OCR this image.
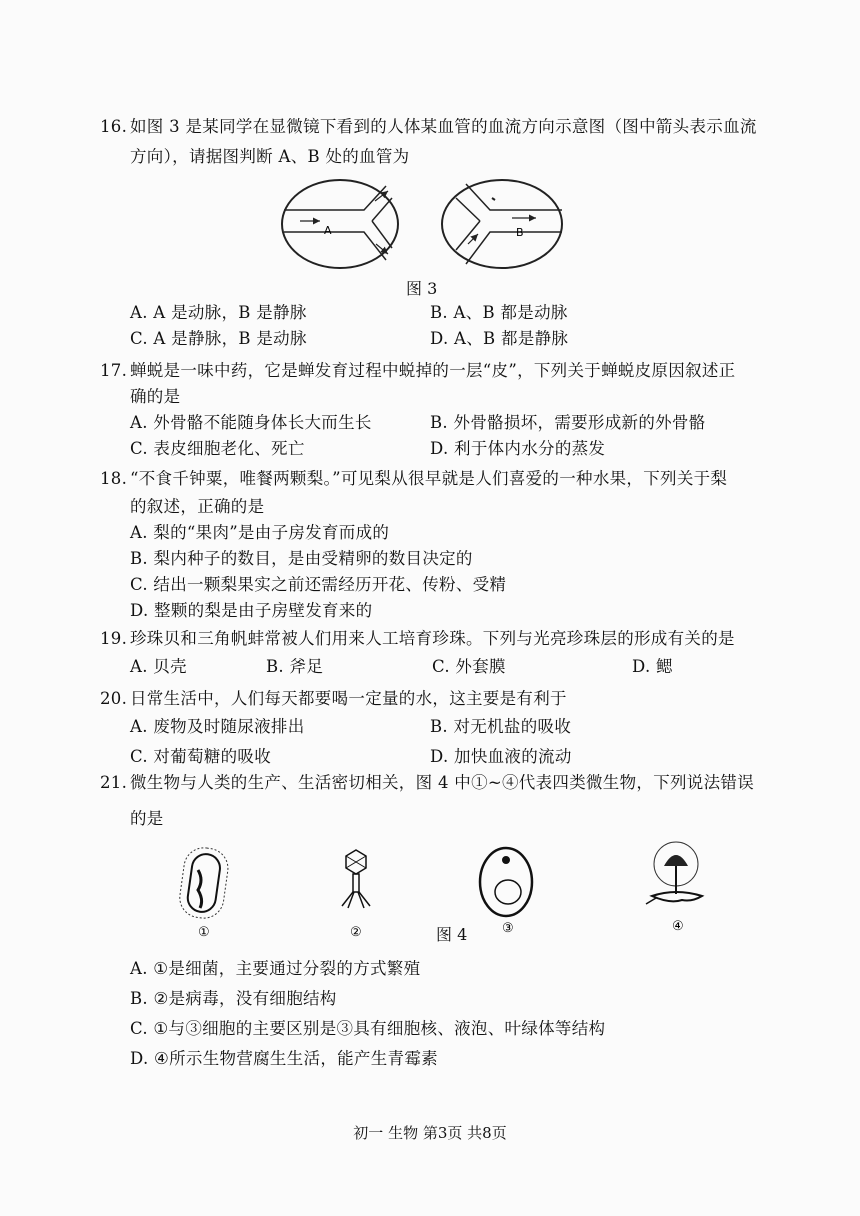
16. 如图 3 是某同学在显微镜下看到的人体某血管的血流方向示意图（图中箭头表示血流
方向），请据图判断 A、B 处的血管为
A	B
图 3
A. A 是动脉，B 是静脉	B. A、B 都是动脉
C. A 是静脉，B 是动脉	D. A、B 都是静脉
17. 蝉蜕是一味中药，它是蝉发育过程中蜕掉的一层“皮”，下列关于蝉蜕皮原因叙述正
确的是
A. 外骨骼不能随身体长大而生长	B. 外骨骼损坏，需要形成新的外骨骼
C. 表皮细胞老化、死亡	D. 利于体内水分的蒸发
18. “不食千钟粟，唯餐两颗梨。”可见梨从很早就是人们喜爱的一种水果，下列关于梨
的叙述，正确的是
A. 梨的“果肉”是由子房发育而成的
B. 梨内种子的数目，是由受精卵的数目决定的
C. 结出一颗梨果实之前还需经历开花、传粉、受精
D. 整颗的梨是由子房壁发育来的
19. 珍珠贝和三角帆蚌常被人们用来人工培育珍珠。下列与光亮珍珠层的形成有关的是
A. 贝壳	B. 斧足	C. 外套膜	D. 鳃
20. 日常生活中，人们每天都要喝一定量的水，这主要是有利于
A. 废物及时随尿液排出	B. 对无机盐的吸收
C. 对葡萄糖的吸收	D. 加快血液的流动
21. 微生物与人类的生产、生活密切相关，图 4 中①~④代表四类微生物，下列说法错误
的是
①	②	③	④
图 4
A. ①是细菌，主要通过分裂的方式繁殖
B. ②是病毒，没有细胞结构
C. ①与③细胞的主要区别是③具有细胞核、液泡、叶绿体等结构
D. ④所示生物营腐生生活，能产生青霉素
初一 生物 第3页 共8页
